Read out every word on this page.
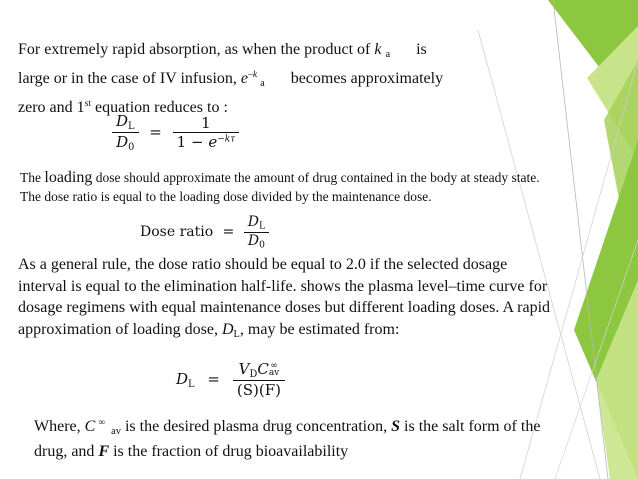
For extremely rapid absorption, as when the product of k $_a$ is
large or in the case of IV infusion, $e^{-k}_a$ becomes approximately
zero and 1st equation reduces to :
$\frac{D_L}{D_0} = \frac{1}{1 - e^{-k\tau}}$
The loading dose should approximate the amount of drug contained in the body at steady state. The dose ratio is equal to the loading dose divided by the maintenance dose.
Dose ratio = $\frac{D_L}{D_0}$
As a general rule, the dose ratio should be equal to 2.0 if the selected dosage interval is equal to the elimination half-life. shows the plasma level–time curve for dosage regimens with equal maintenance doses but different loading doses. A rapid approximation of loading dose, $D_L$, may be estimated from:
$D_L = V_DC$ ∞
av
(S)(F)
Where, C ∞$_{av}$ is the desired plasma drug concentration, S is the salt form of the drug, and F is the fraction of drug bioavailability
